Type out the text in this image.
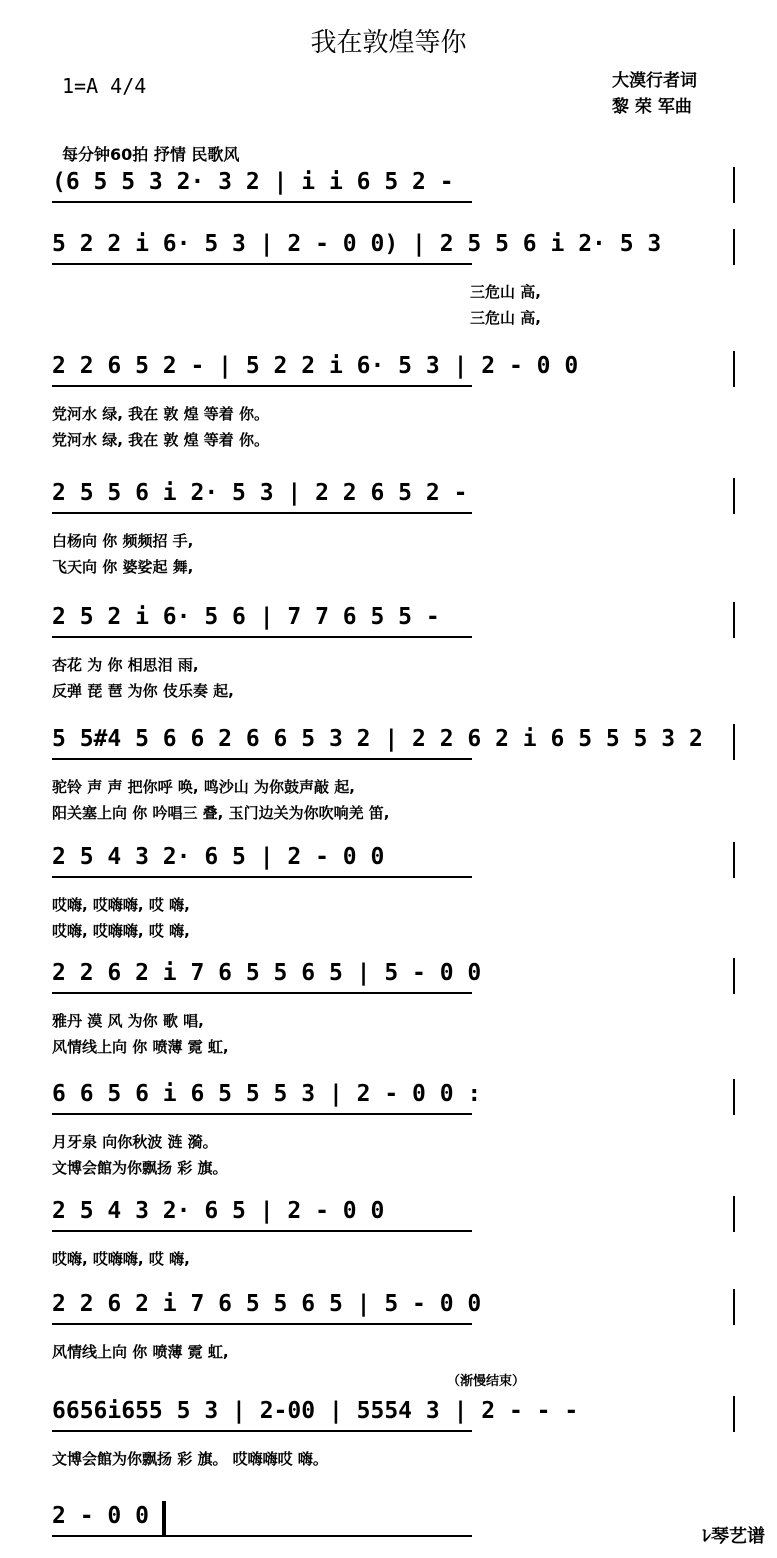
我在敦煌等你
1=A 4/4	大漠行者词
黎 荣 军曲
每分钟60拍 抒情 民歌风
(6 5 5 3 2· 3 2 | i i 6 5 2 -
5 2 2 i 6· 5 3 | 2 - 0 0) | 2 5 5 6 i 2· 5 3
三危山 高,
三危山 高,
2 2 6 5 2 - | 5 2 2 i 6· 5 3 | 2 - 0 0
党河水 绿, 我在 敦 煌 等着 你。
党河水 绿, 我在 敦 煌 等着 你。
2 5 5 6 i 2· 5 3 | 2 2 6 5 2 -
白杨向 你 频频招 手,
飞天向 你 婆娑起 舞,
2 5 2 i 6· 5 6 | 7 7 6 5 5 -
杏花 为 你 相思泪 雨,
反弹 琵 琶 为你 伎乐奏 起,
5 5#4 5 6 6 2 6 6 5 3 2 | 2 2 6 2 i 6 5 5 5 3 2
驼铃 声 声 把你呼 唤, 鸣沙山 为你鼓声敲 起,
阳关塞上向 你 吟唱三 叠, 玉门边关为你吹响羌 笛,
2 5 4 3 2· 6 5 | 2 - 0 0
哎嗨, 哎嗨嗨, 哎 嗨,
哎嗨, 哎嗨嗨, 哎 嗨,
2 2 6 2 i 7 6 5 5 6 5 | 5 - 0 0
雅丹 漠 风 为你 歌 唱,
风情线上向 你 喷薄 霓 虹,
6 6 5 6 i 6 5 5 5 3 | 2 - 0 0 :
月牙泉 向你秋波 涟 漪。
文博会館为你飘扬 彩 旗。
2 5 4 3 2· 6 5 | 2 - 0 0
哎嗨, 哎嗨嗨, 哎 嗨,
2 2 6 2 i 7 6 5 5 6 5 | 5 - 0 0
风情线上向 你 喷薄 霓 虹,
6656i655 5 3 | 2-00 | 5554 3 | 2 - - -
文博会館为你飘扬 彩 旗。 哎嗨嗨哎 嗨。
2 - 0 0
（渐慢结束）
ﾚ琴艺谱
